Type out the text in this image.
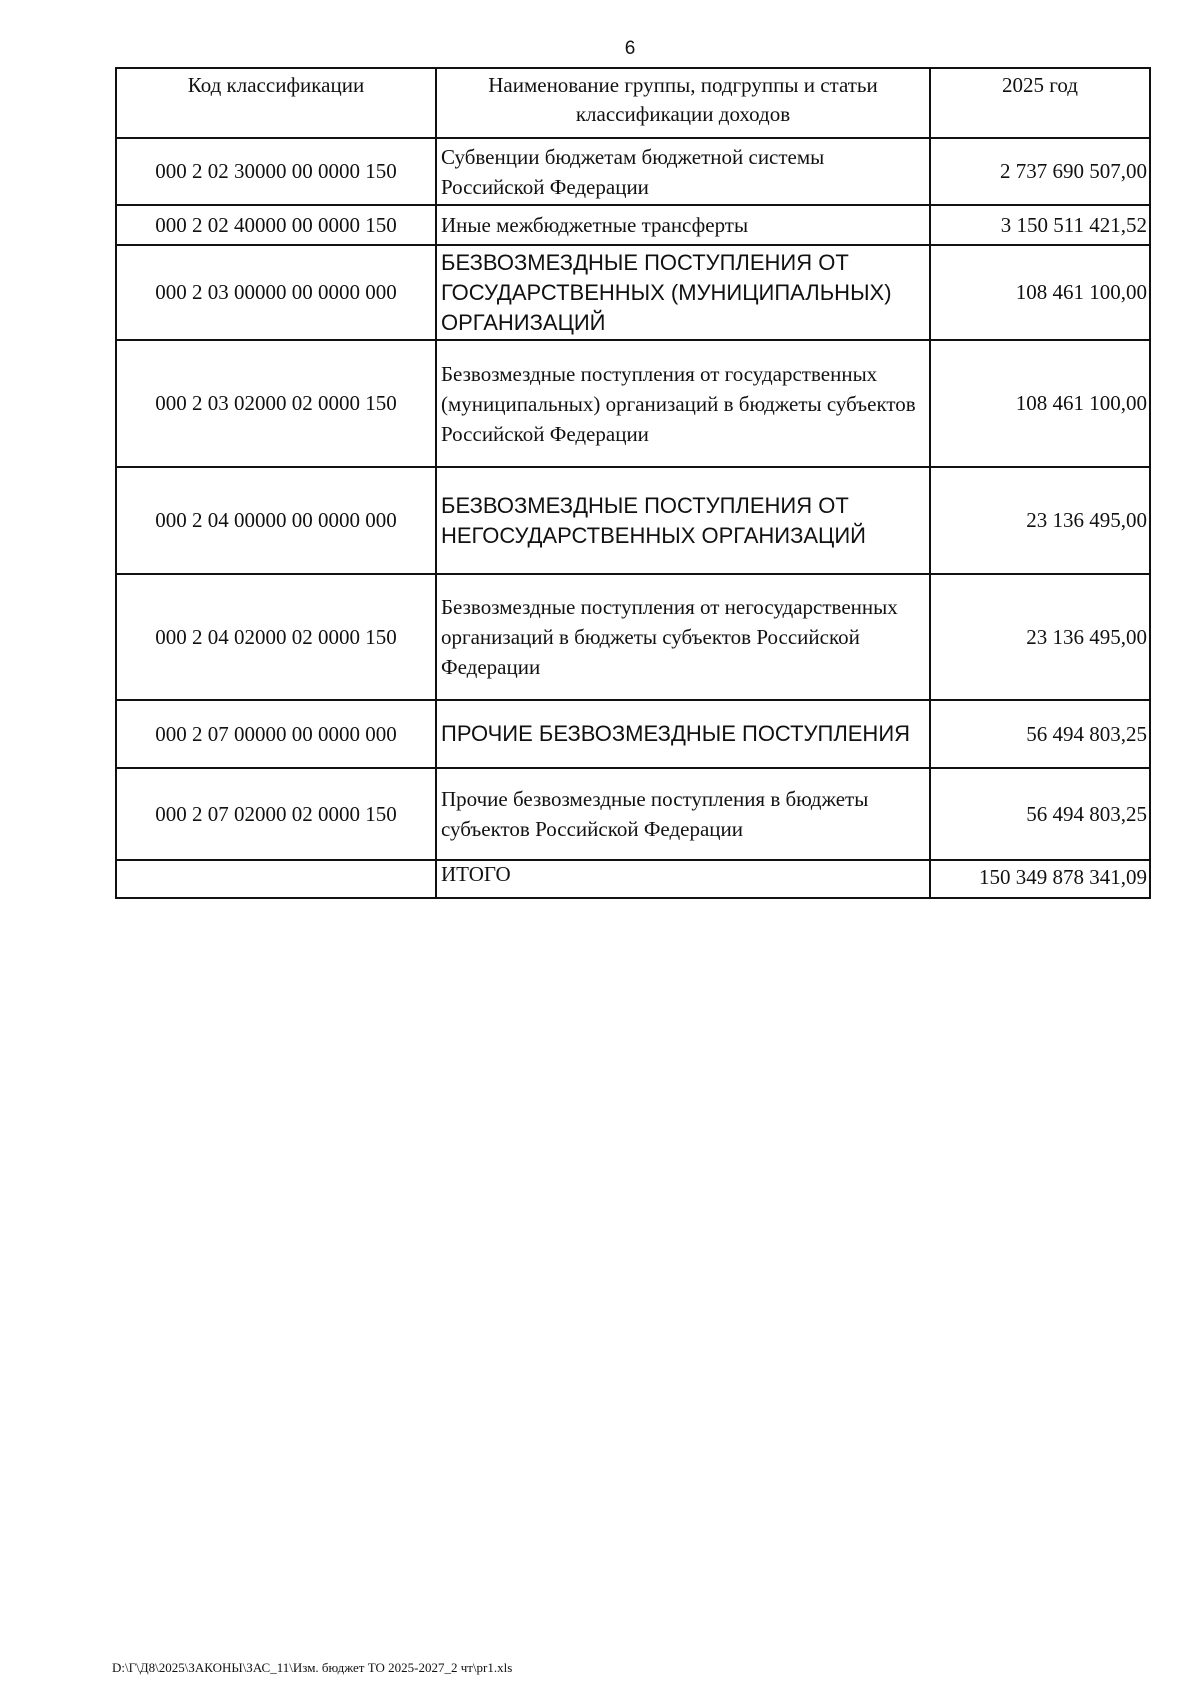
6
Код классификации	Наименование группы, подгруппы и статьи классификации доходов	2025 год
000 2 02 30000 00 0000 150	Субвенции бюджетам бюджетной системы Российской Федерации	2 737 690 507,00
000 2 02 40000 00 0000 150	Иные межбюджетные трансферты	3 150 511 421,52
000 2 03 00000 00 0000 000	БЕЗВОЗМЕЗДНЫЕ ПОСТУПЛЕНИЯ ОТ ГОСУДАРСТВЕННЫХ (МУНИЦИПАЛЬНЫХ) ОРГАНИЗАЦИЙ	108 461 100,00
000 2 03 02000 02 0000 150	Безвозмездные поступления от государственных (муниципальных) организаций в бюджеты субъектов Российской Федерации	108 461 100,00
000 2 04 00000 00 0000 000	БЕЗВОЗМЕЗДНЫЕ ПОСТУПЛЕНИЯ ОТ НЕГОСУДАРСТВЕННЫХ ОРГАНИЗАЦИЙ	23 136 495,00
000 2 04 02000 02 0000 150	Безвозмездные поступления от негосударственных организаций в бюджеты субъектов Российской Федерации	23 136 495,00
000 2 07 00000 00 0000 000	ПРОЧИЕ БЕЗВОЗМЕЗДНЫЕ ПОСТУПЛЕНИЯ	56 494 803,25
000 2 07 02000 02 0000 150	Прочие безвозмездные поступления в бюджеты субъектов Российской Федерации	56 494 803,25
	ИТОГО	150 349 878 341,09
D:\Г\Д8\2025\ЗАКОНЫ\ЗАС_11\Изм. бюджет ТО 2025-2027_2 чт\pr1.xls
